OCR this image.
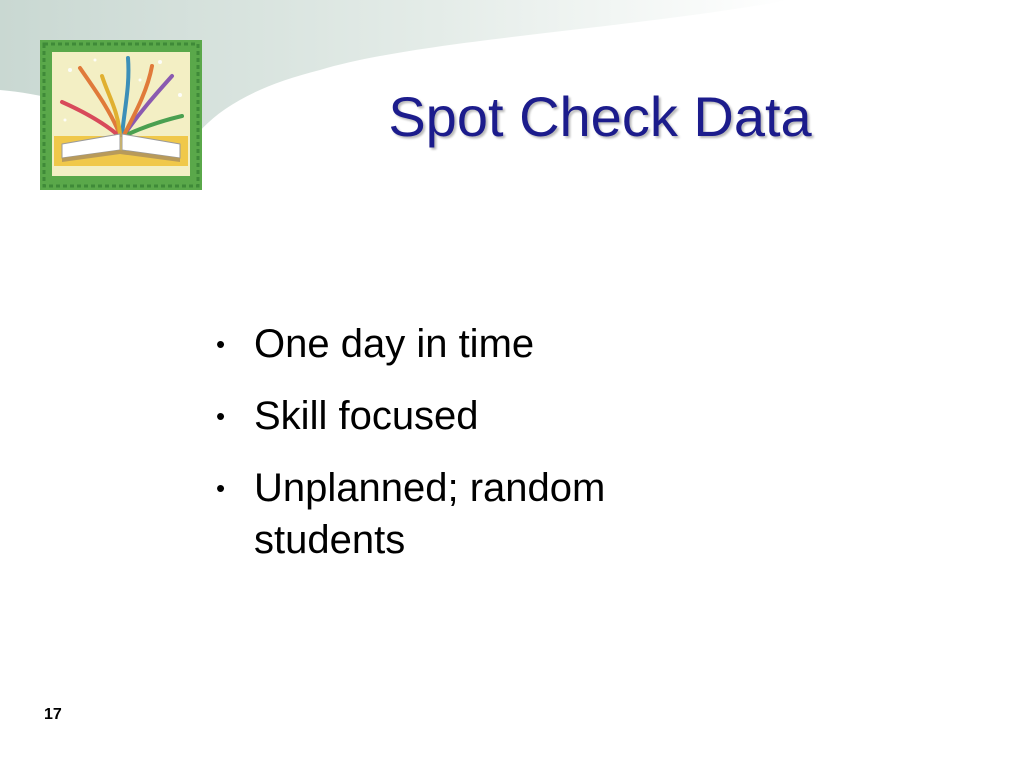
Spot Check Data
• One day in time
• Skill focused
• Unplanned; random students
17
